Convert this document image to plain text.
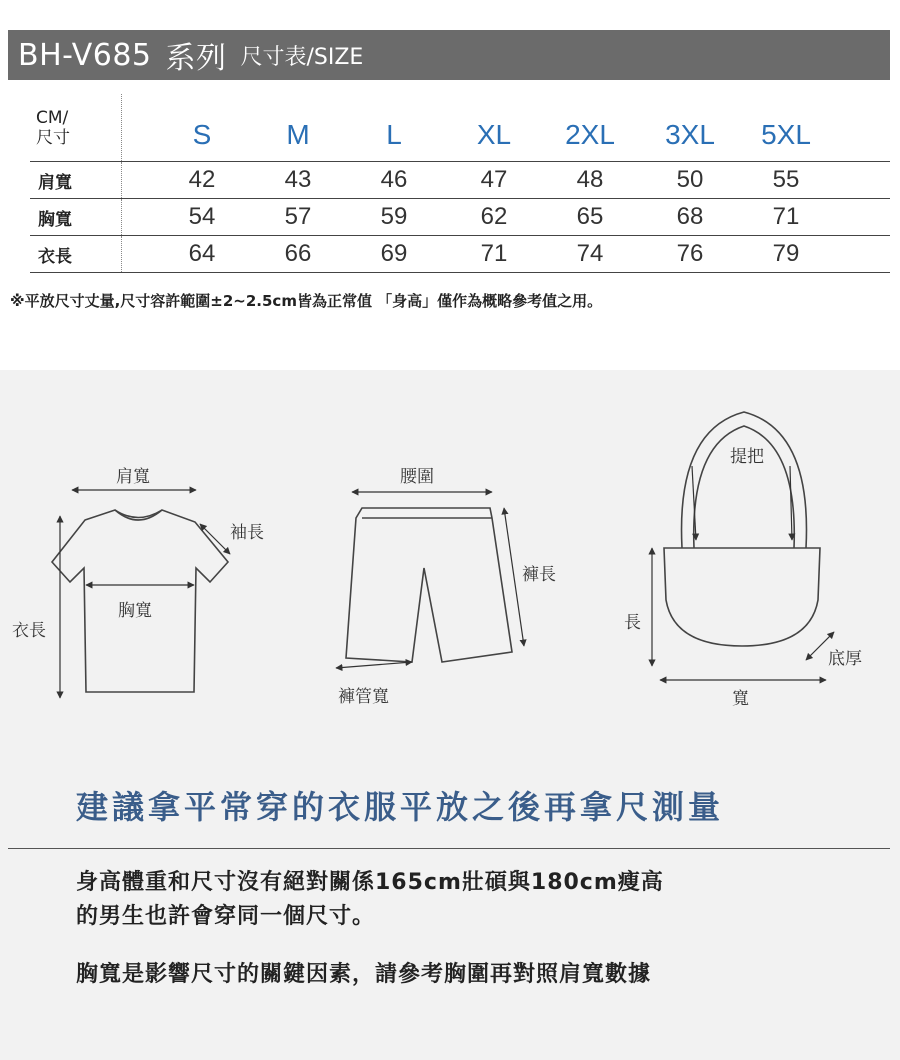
BH-V685 系列 尺寸表/SIZE
CM/
尺寸	S	M	L	XL	2XL	3XL	5XL
肩寬	42	43	46	47	48	50	55
胸寬	54	57	59	62	65	68	71
衣長	64	66	69	71	74	76	79
※平放尺寸丈量,尺寸容許範圍±2~2.5cm皆為正常值 「身高」僅作為概略參考值之用。
肩寬
袖長
胸寬
衣長
腰圍
褲長
褲管寬
提把
長
底厚
寬
建議拿平常穿的衣服平放之後再拿尺測量
身高體重和尺寸沒有絕對關係165cm壯碩與180cm瘦高
的男生也許會穿同一個尺寸。
胸寬是影響尺寸的關鍵因素，請參考胸圍再對照肩寬數據
